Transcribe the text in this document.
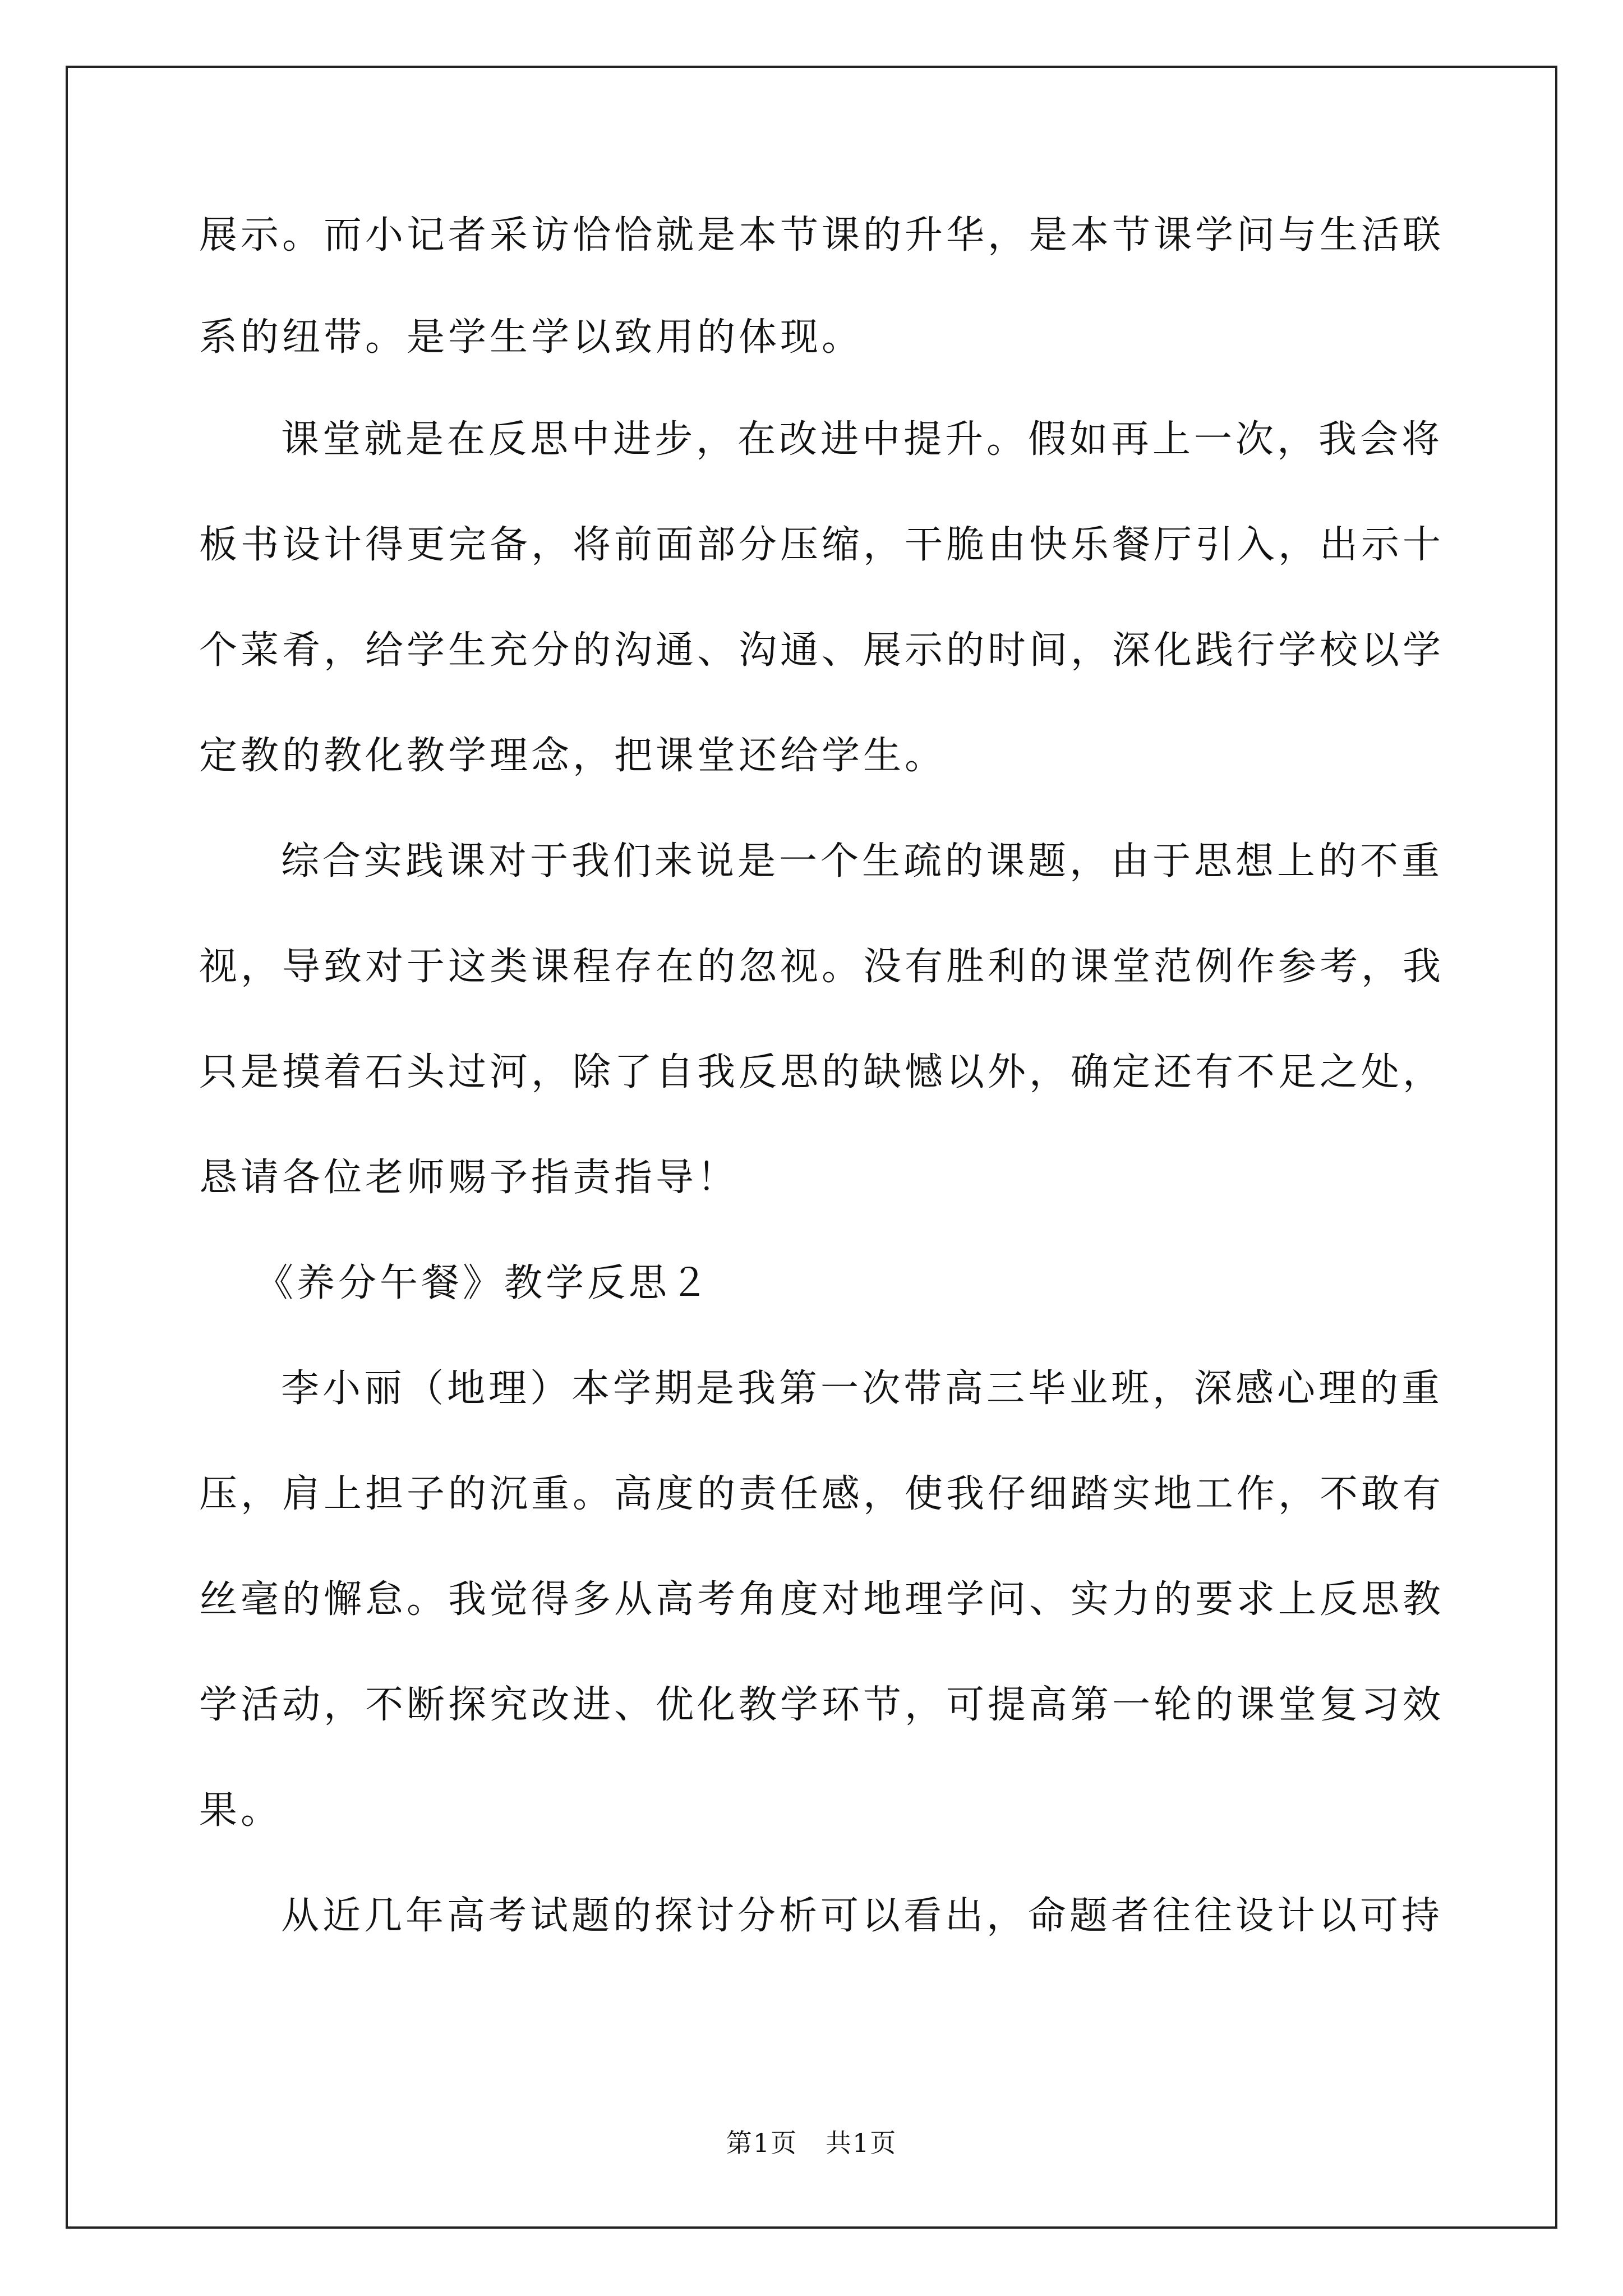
展示。而小记者采访恰恰就是本节课的升华，是本节课学问与生活联
系的纽带。是学生学以致用的体现。
课堂就是在反思中进步，在改进中提升。假如再上一次，我会将
板书设计得更完备，将前面部分压缩，干脆由快乐餐厅引入，出示十
个菜肴，给学生充分的沟通、沟通、展示的时间，深化践行学校以学
定教的教化教学理念，把课堂还给学生。
综合实践课对于我们来说是一个生疏的课题，由于思想上的不重
视，导致对于这类课程存在的忽视。没有胜利的课堂范例作参考，我
只是摸着石头过河，除了自我反思的缺憾以外，确定还有不足之处，
恳请各位老师赐予指责指导！
《养分午餐》教学反思２
李小丽（地理）本学期是我第一次带高三毕业班，深感心理的重
压，肩上担子的沉重。高度的责任感，使我仔细踏实地工作，不敢有
丝毫的懈怠。我觉得多从高考角度对地理学问、实力的要求上反思教
学活动，不断探究改进、优化教学环节，可提高第一轮的课堂复习效
果。
从近几年高考试题的探讨分析可以看出，命题者往往设计以可持
第1页 共1页
